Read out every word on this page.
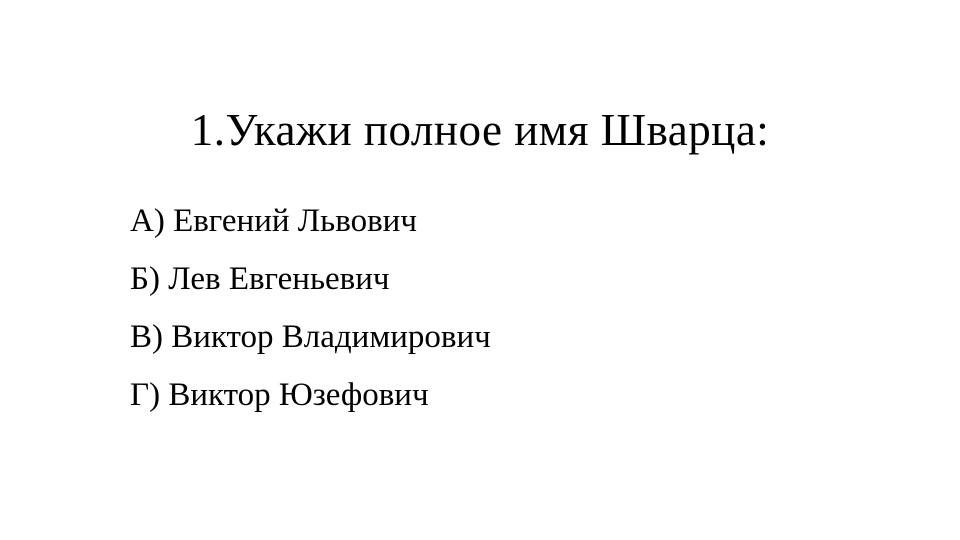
1.Укажи полное имя Шварца:
А) Евгений Львович
Б) Лев Евгеньевич
В) Виктор Владимирович
Г) Виктор Юзефович
